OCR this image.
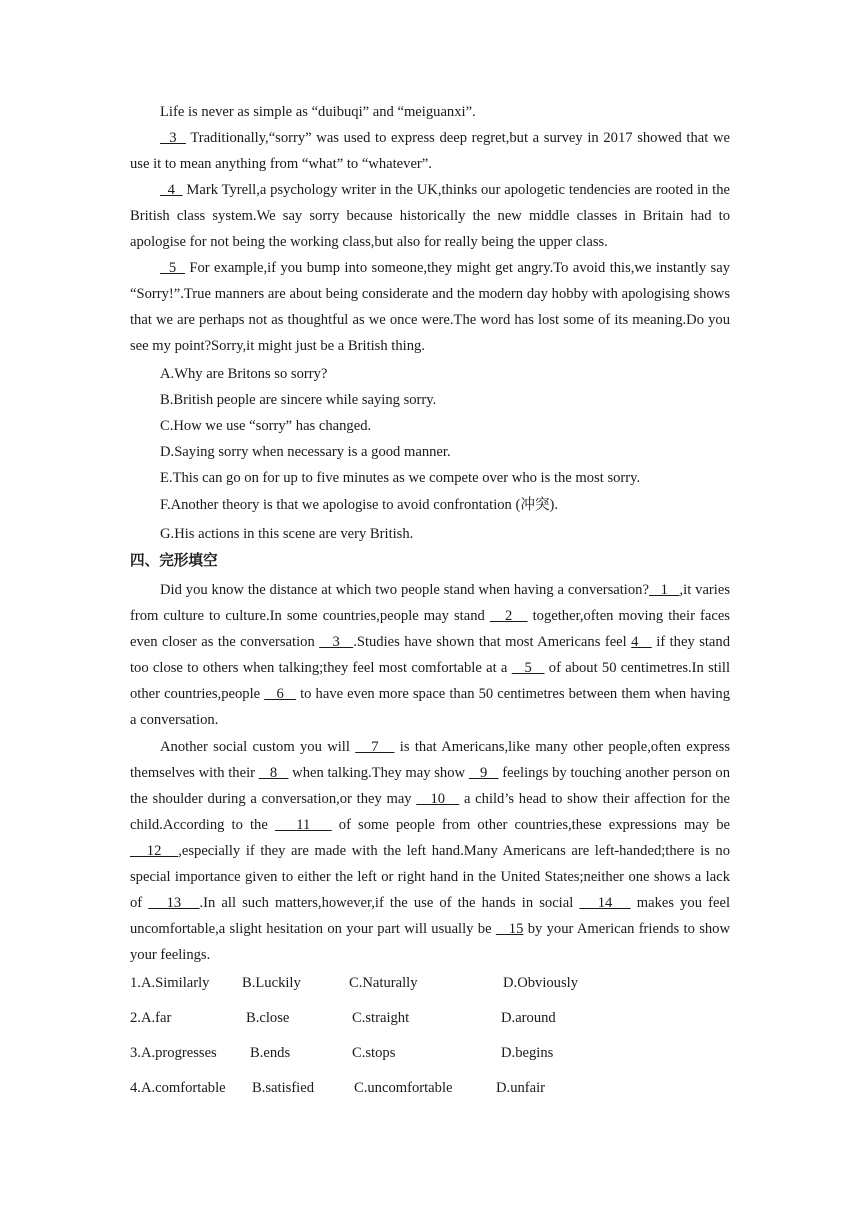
Life is never as simple as “duibuqi” and “meiguanxi”.
3   Traditionally,“sorry” was used to express deep regret,but a survey in 2017 showed that we use it to mean anything from “what” to “whatever”.
4   Mark Tyrell,a psychology writer in the UK,thinks our apologetic tendencies are rooted in the British class system.We say sorry because historically the new middle classes in Britain had to apologise for not being the working class,but also for really being the upper class.
5   For example,if you bump into someone,they might get angry.To avoid this,we instantly say “Sorry!”.True manners are about being considerate and the modern day hobby with apologising shows that we are perhaps not as thoughtful as we once were.The word has lost some of its meaning.Do you see my point?Sorry,it might just be a British thing.
A.Why are Britons so sorry?
B.British people are sincere while saying sorry.
C.How we use “sorry” has changed.
D.Saying sorry when necessary is a good manner.
E.This can go on for up to five minutes as we compete over who is the most sorry.
F.Another theory is that we apologise to avoid confrontation (冲突).
G.His actions in this scene are very British.
四、完形填空
Did you know the distance at which two people stand when having a conversation?   1   ,it varies from culture to culture.In some countries,people may stand    2    together,often moving their faces even closer as the conversation    3   .Studies have shown that most Americans feel 4    if they stand too close to others when talking;they feel most comfortable at a    5    of about 50 centimetres.In still other countries,people    6    to have even more space than 50 centimetres between them when having a conversation.
Another social custom you will    7    is that Americans,like many other people,often express themselves with their    8    when talking.They may show    9    feelings by touching another person on the shoulder during a conversation,or they may    10    a child’s head to show their affection for the child.According to the    11    of some people from other countries,these expressions may be    12   ,especially if they are made with the left hand.Many Americans are left-handed;there is no special importance given to either the left or right hand in the United States;neither one shows a lack of    13   .In all such matters,however,if the use of the hands in social    14    makes you feel uncomfortable,a slight hesitation on your part will usually be    15 by your American friends to show your feelings.
1.A.Similarly B.Luckily	C.Naturally	D.Obviously
2.A.far	B.close	C.straight	D.around
3.A.progresses B.ends	C.stops	D.begins
4.A.comfortable B.satisfied	C.uncomfortable	D.unfair
